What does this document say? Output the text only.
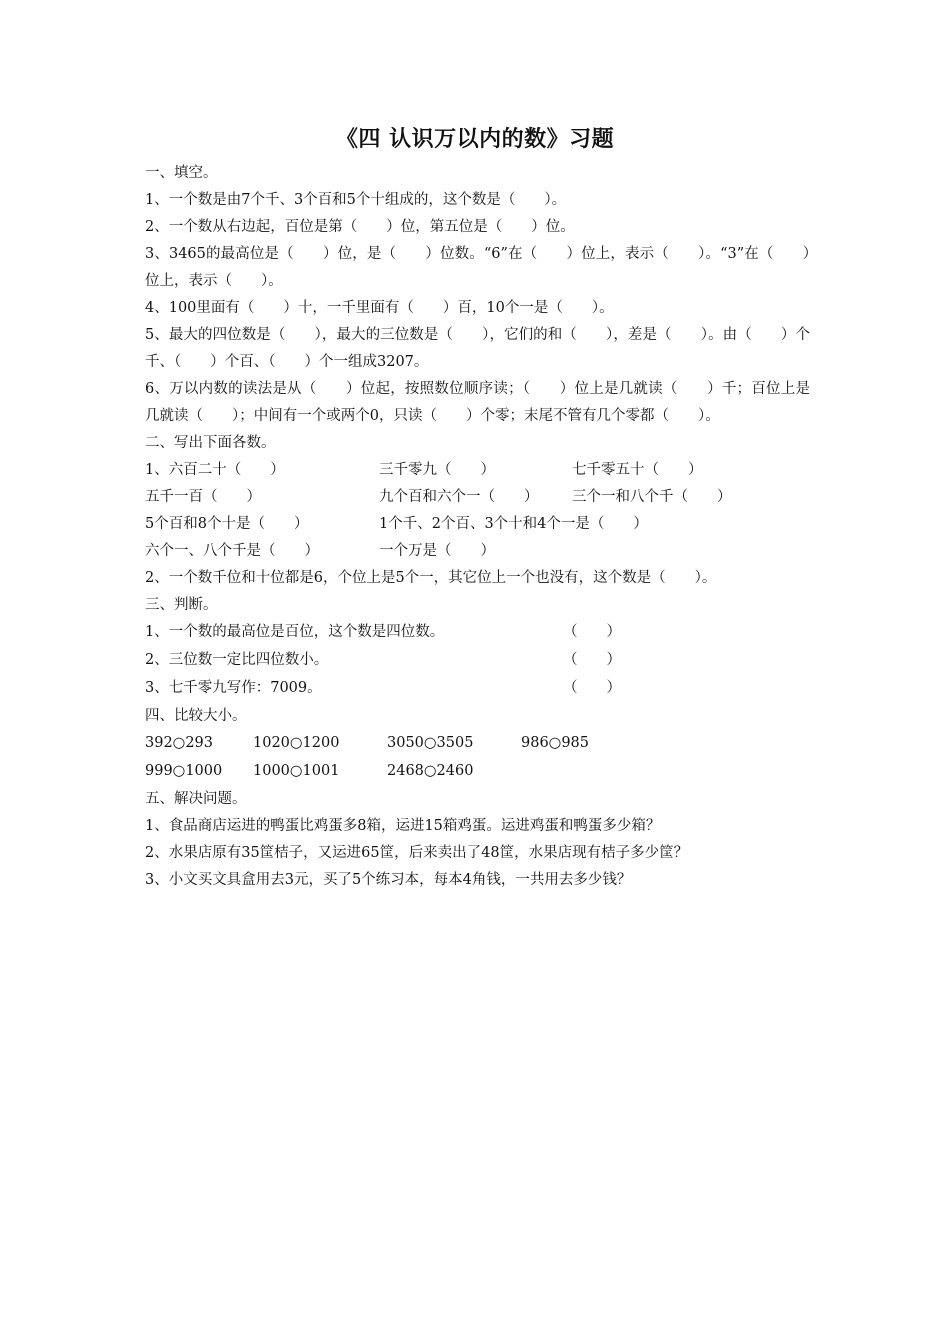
《四 认识万以内的数》习题
一、填空。
1、一个数是由7个千、3个百和5个十组成的，这个数是（　　）。
2、一个数从右边起，百位是第（　　）位，第五位是（　　）位。
3、3465的最高位是（　　）位，是（　　）位数。“6”在（　　）位上，表示（　　）。“3”在（　　）位上，表示（　　）。
4、100里面有（　　）十，一千里面有（　　）百，10个一是（　　）。
5、最大的四位数是（　　），最大的三位数是（　　），它们的和（　　），差是（　　）。由（　　）个千、（　　）个百、（　　）个一组成3207。
6、万以内数的读法是从（　　）位起，按照数位顺序读；（　　）位上是几就读（　　）千；百位上是几就读（　　）；中间有一个或两个0，只读（　　）个零；末尾不管有几个零都（　　）。
二、写出下面各数。
1、六百二十（　　）	三千零九（　　）	七千零五十（　　）
五千一百（　　）	九个百和六个一（　　） 三个一和八个千（　　）
5个百和8个十是（　　）	1个千、2个百、3个十和4个一是（　　）
六个一、八个千是（　　）	一个万是（　　）
2、一个数千位和十位都是6，个位上是5个一，其它位上一个也没有，这个数是（　　）。
三、判断。
1、一个数的最高位是百位，这个数是四位数。	（　　）
2、三位数一定比四位数小。	（　　）
3、七千零九写作：7009。	（　　）
四、比较大小。
392○293	1020○1200	3050○3505	986○985
999○1000 1000○1001	2468○2460
五、解决问题。
1、食品商店运进的鸭蛋比鸡蛋多8箱，运进15箱鸡蛋。运进鸡蛋和鸭蛋多少箱？
2、水果店原有35筐桔子，又运进65筐，后来卖出了48筐，水果店现有桔子多少筐？
3、小文买文具盒用去3元，买了5个练习本，每本4角钱，一共用去多少钱？
